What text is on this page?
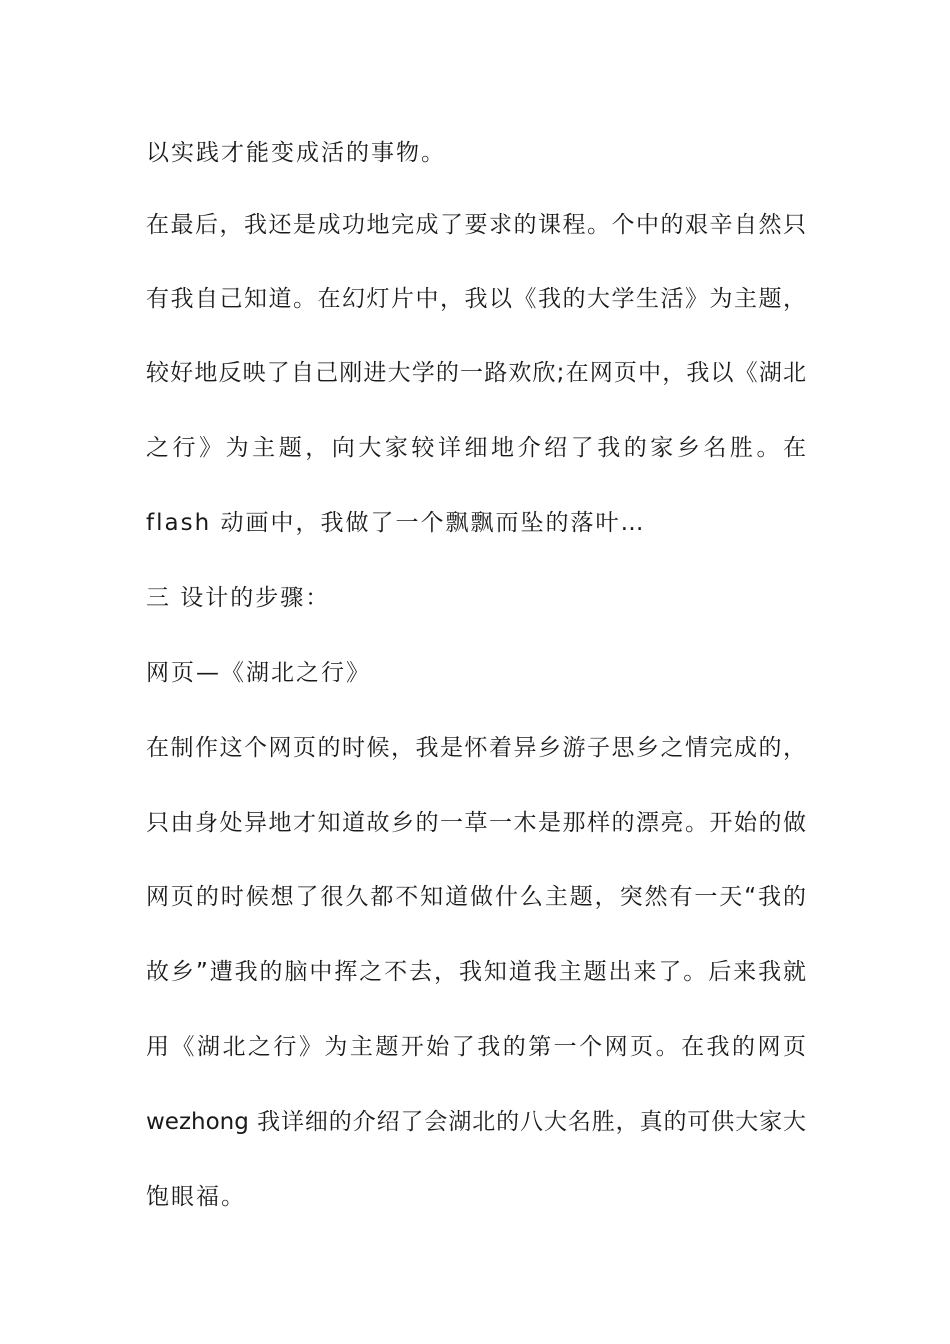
以实践才能变成活的事物。
在最后，我还是成功地完成了要求的课程。个中的艰辛自然只
有我自己知道。在幻灯片中，我以《我的大学生活》为主题，
较好地反映了自己刚进大学的一路欢欣;在网页中，我以《湖北
之行》为主题，向大家较详细地介绍了我的家乡名胜。在
flash 动画中，我做了一个飘飘而坠的落叶…
三 设计的步骤：
网页—《湖北之行》
在制作这个网页的时候，我是怀着异乡游子思乡之情完成的，
只由身处异地才知道故乡的一草一木是那样的漂亮。开始的做
网页的时候想了很久都不知道做什么主题，突然有一天“我的
故乡”遭我的脑中挥之不去，我知道我主题出来了。后来我就
用《湖北之行》为主题开始了我的第一个网页。在我的网页
wezhong 我详细的介绍了会湖北的八大名胜，真的可供大家大
饱眼福。
